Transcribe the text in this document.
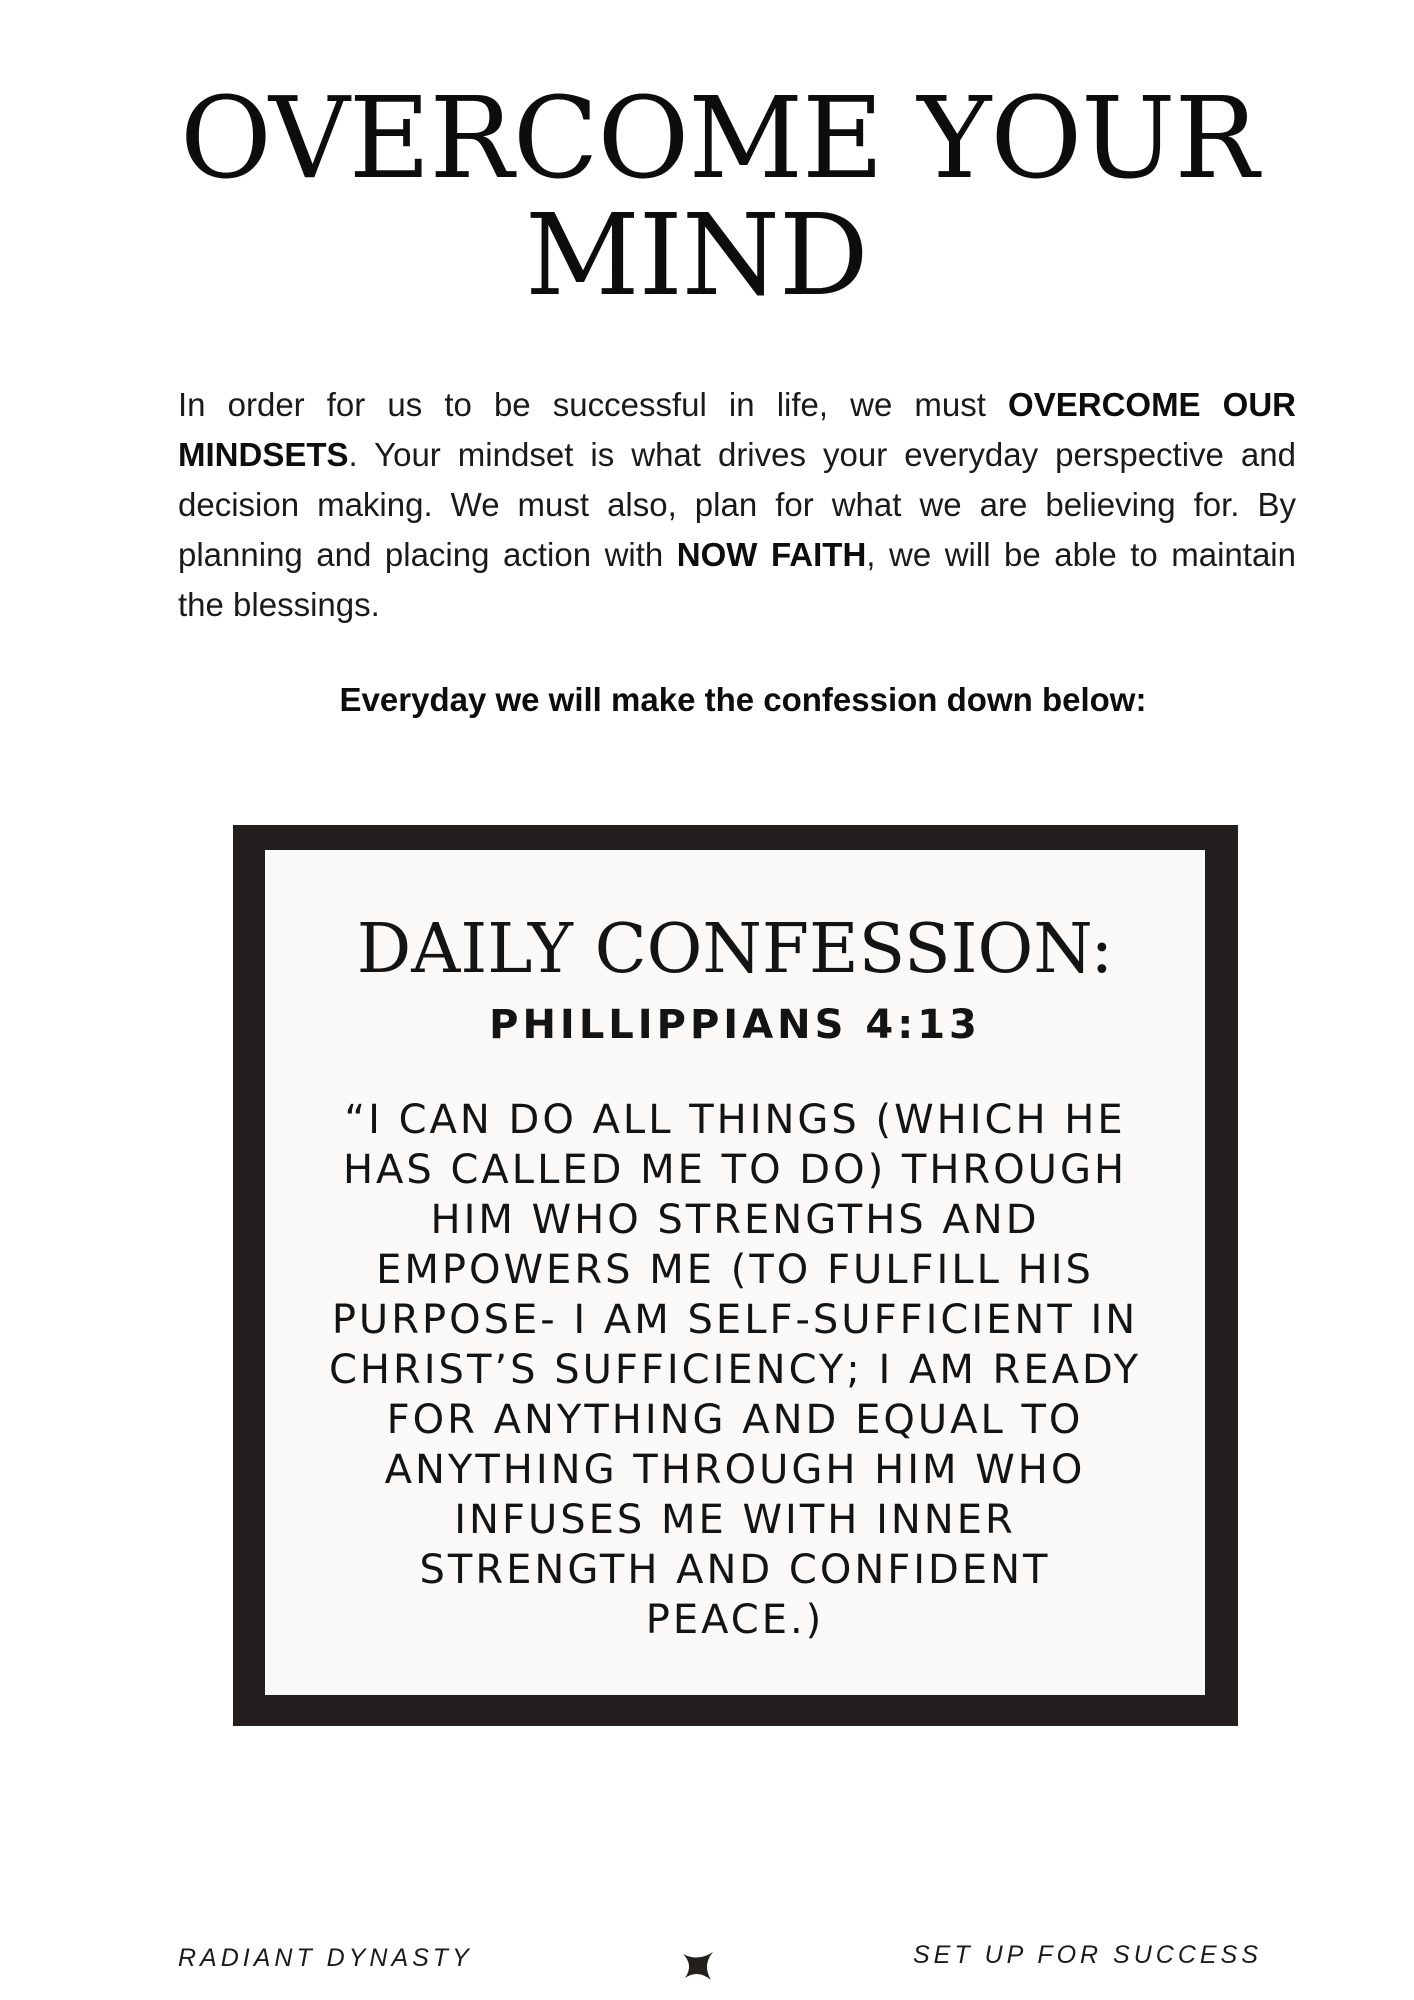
OVERCOME YOUR
MIND

In order for us to be successful in life, we must OVERCOME OUR MINDSETS. Your mindset is what drives your everyday perspective and decision making. We must also, plan for what we are believing for. By planning and placing action with NOW FAITH, we will be able to maintain the blessings.

Everyday we will make the confession down below:
DAILY CONFESSION:
PHILLIPPIANS 4:13
“I CAN DO ALL THINGS (WHICH HE
HAS CALLED ME TO DO) THROUGH
HIM WHO STRENGTHS AND
EMPOWERS ME (TO FULFILL HIS
PURPOSE- I AM SELF-SUFFICIENT IN
CHRIST’S SUFFICIENCY; I AM READY
FOR ANYTHING AND EQUAL TO
ANYTHING THROUGH HIM WHO
INFUSES ME WITH INNER
STRENGTH AND CONFIDENT
PEACE.)
RADIANT DYNASTY	SET UP FOR SUCCESS
